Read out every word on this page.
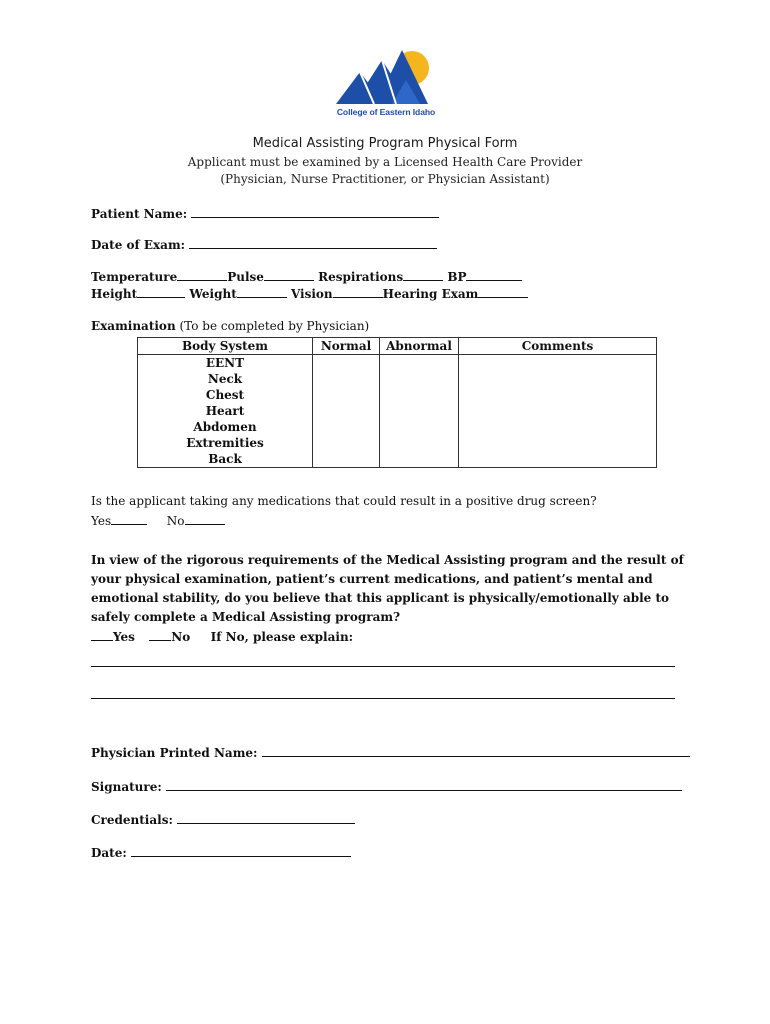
College of Eastern Idaho
Medical Assisting Program Physical Form
Applicant must be examined by a Licensed Health Care Provider
(Physician, Nurse Practitioner, or Physician Assistant)
Patient Name:
Date of Exam:
Temperature	Pulse	Respirations	BP
Height	Weight	Vision	Hearing Exam
Examination (To be completed by Physician)
Body System	Normal	Abnormal	Comments
EENT			
Neck			
Chest			
Heart			
Abdomen			
Extremities			
Back			
Is the applicant taking any medications that could result in a positive drug screen?
Yes	No
In view of the rigorous requirements of the Medical Assisting program and the result of your physical examination, patient’s current medications, and patient’s mental and emotional stability, do you believe that this applicant is physically/emotionally able to safely complete a Medical Assisting program?
Yes	No If No, please explain:
Physician Printed Name:
Signature:
Credentials:
Date:
